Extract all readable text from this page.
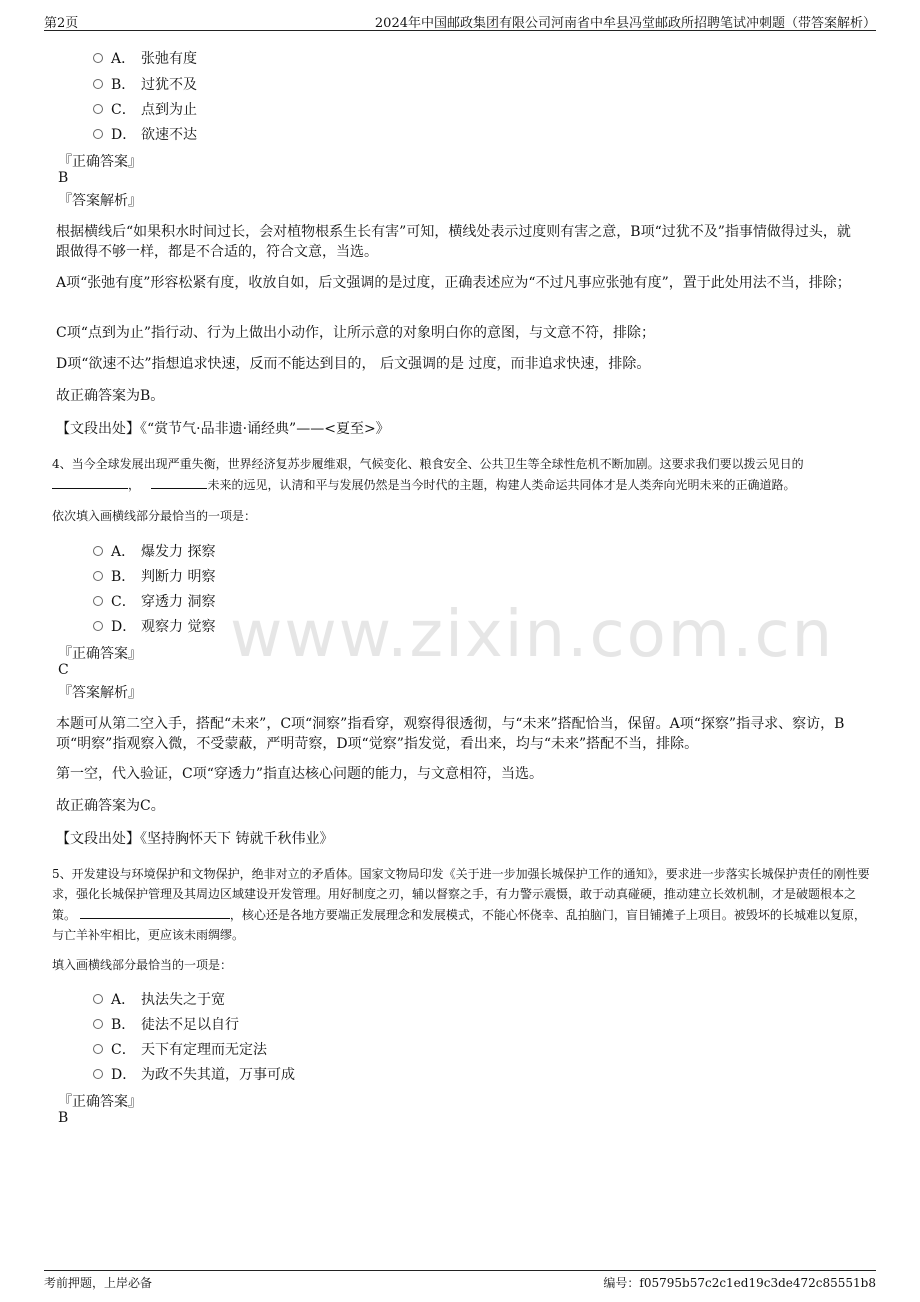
第2页	2024年中国邮政集团有限公司河南省中牟县冯堂邮政所招聘笔试冲刺题（带答案解析）
www.zixin.com.cn
A． 张弛有度
B． 过犹不及
C． 点到为止
D． 欲速不达
『正确答案』
B
『答案解析』
根据横线后“如果积水时间过长，会对植物根系生长有害”可知，横线处表示过度则有害之意，B项“过犹不及”指事情做得过头，就跟做得不够一样，都是不合适的，符合文意，当选。
A项“张弛有度”形容松紧有度，收放自如，后文强调的是过度，正确表述应为“不过凡事应张弛有度”，置于此处用法不当，排除；
C项“点到为止”指行动、行为上做出小动作，让所示意的对象明白你的意图，与文意不符，排除；
D项“欲速不达”指想追求快速，反而不能达到目的， 后文强调的是 过度，而非追求快速，排除。
故正确答案为B。
【文段出处】《“赏节气·品非遗·诵经典”——<夏至>》
4、当今全球发展出现严重失衡，世界经济复苏步履维艰，气候变化、粮食安全、公共卫生等全球性危机不断加剧。这要求我们要以拨云见日的，	未来的远见，认清和平与发展仍然是当今时代的主题，构建人类命运共同体才是人类奔向光明未来的正确道路。
依次填入画横线部分最恰当的一项是：
A． 爆发力 探察
B． 判断力 明察
C． 穿透力 洞察
D． 观察力 觉察
『正确答案』
C
『答案解析』
本题可从第二空入手，搭配“未来”，C项“洞察”指看穿，观察得很透彻，与“未来”搭配恰当，保留。A项“探察”指寻求、察访，B项“明察”指观察入微，不受蒙蔽，严明苛察，D项“觉察”指发觉，看出来，均与“未来”搭配不当，排除。
第一空，代入验证，C项“穿透力”指直达核心问题的能力，与文意相符，当选。
故正确答案为C。
【文段出处】《坚持胸怀天下 铸就千秋伟业》
5、开发建设与环境保护和文物保护，绝非对立的矛盾体。国家文物局印发《关于进一步加强长城保护工作的通知》，要求进一步落实长城保护责任的刚性要求，强化长城保护管理及其周边区域建设开发管理。用好制度之刃，辅以督察之手，有力警示震慑，敢于动真碰硬，推动建立长效机制，才是破题根本之策。	，核心还是各地方要端正发展理念和发展模式，不能心怀侥幸、乱拍脑门，盲目铺摊子上项目。被毁坏的长城难以复原，与亡羊补牢相比，更应该未雨绸缪。
填入画横线部分最恰当的一项是：
A． 执法失之于宽
B． 徒法不足以自行
C． 天下有定理而无定法
D． 为政不失其道，万事可成
『正确答案』
B
考前押题，上岸必备	编号：f05795b57c2c1ed19c3de472c85551b8
